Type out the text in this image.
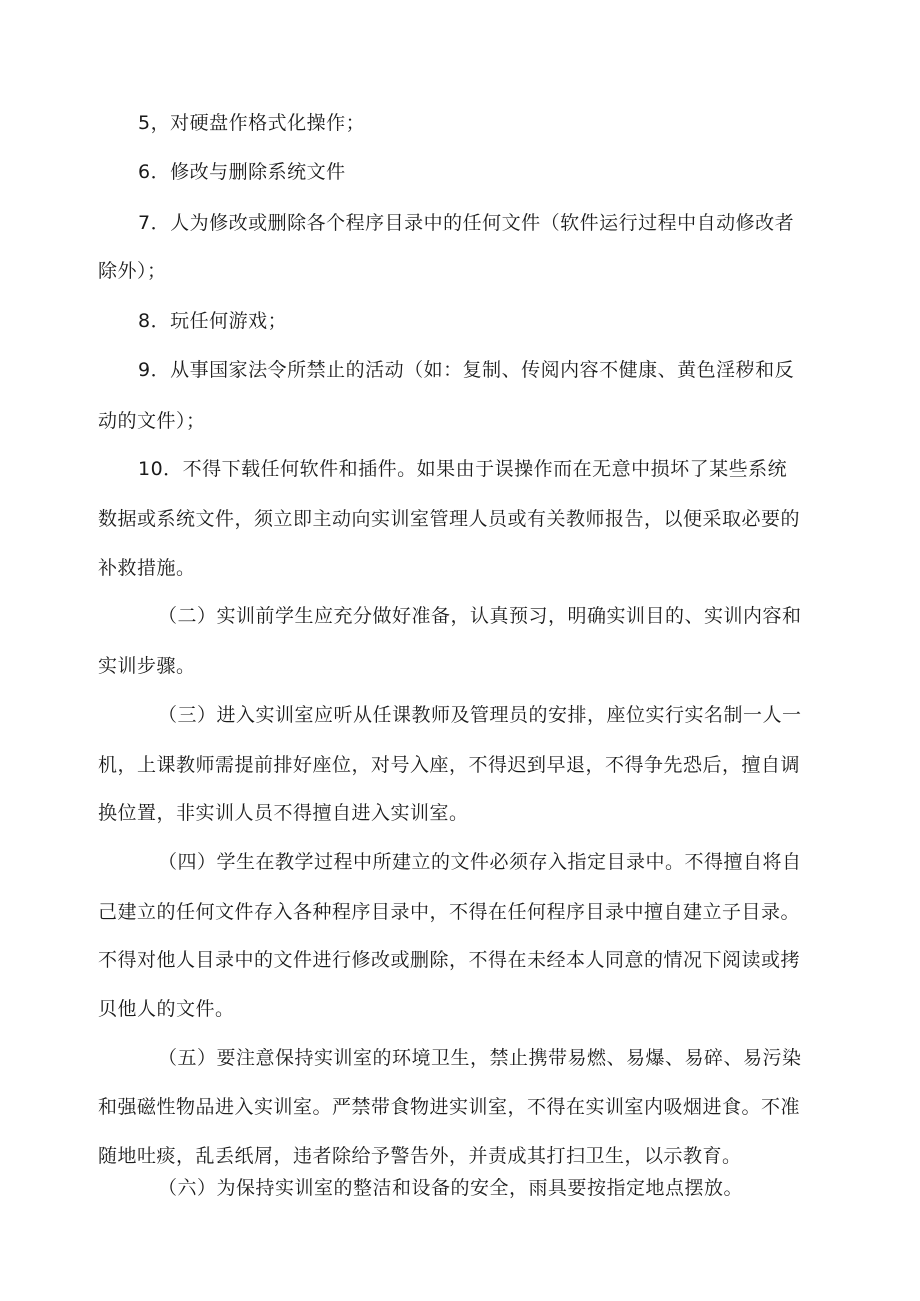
5，对硬盘作格式化操作；
6．修改与删除系统文件
7．人为修改或删除各个程序目录中的任何文件（软件运行过程中自动修改者
除外）；
8．玩任何游戏；
9．从事国家法令所禁止的活动（如：复制、传阅内容不健康、黄色淫秽和反
动的文件）；
10．不得下载任何软件和插件。如果由于误操作而在无意中损坏了某些系统
数据或系统文件，须立即主动向实训室管理人员或有关教师报告，以便采取必要的
补救措施。
（二）实训前学生应充分做好准备，认真预习，明确实训目的、实训内容和
实训步骤。
（三）进入实训室应听从任课教师及管理员的安排，座位实行实名制一人一
机，上课教师需提前排好座位，对号入座，不得迟到早退，不得争先恐后，擅自调
换位置，非实训人员不得擅自进入实训室。
（四）学生在教学过程中所建立的文件必须存入指定目录中。不得擅自将自
己建立的任何文件存入各种程序目录中，不得在任何程序目录中擅自建立子目录。
不得对他人目录中的文件进行修改或删除，不得在未经本人同意的情况下阅读或拷
贝他人的文件。
（五）要注意保持实训室的环境卫生，禁止携带易燃、易爆、易碎、易污染
和强磁性物品进入实训室。严禁带食物进实训室，不得在实训室内吸烟进食。不准
随地吐痰，乱丢纸屑，违者除给予警告外，并责成其打扫卫生，以示教育。
（六）为保持实训室的整洁和设备的安全，雨具要按指定地点摆放。
